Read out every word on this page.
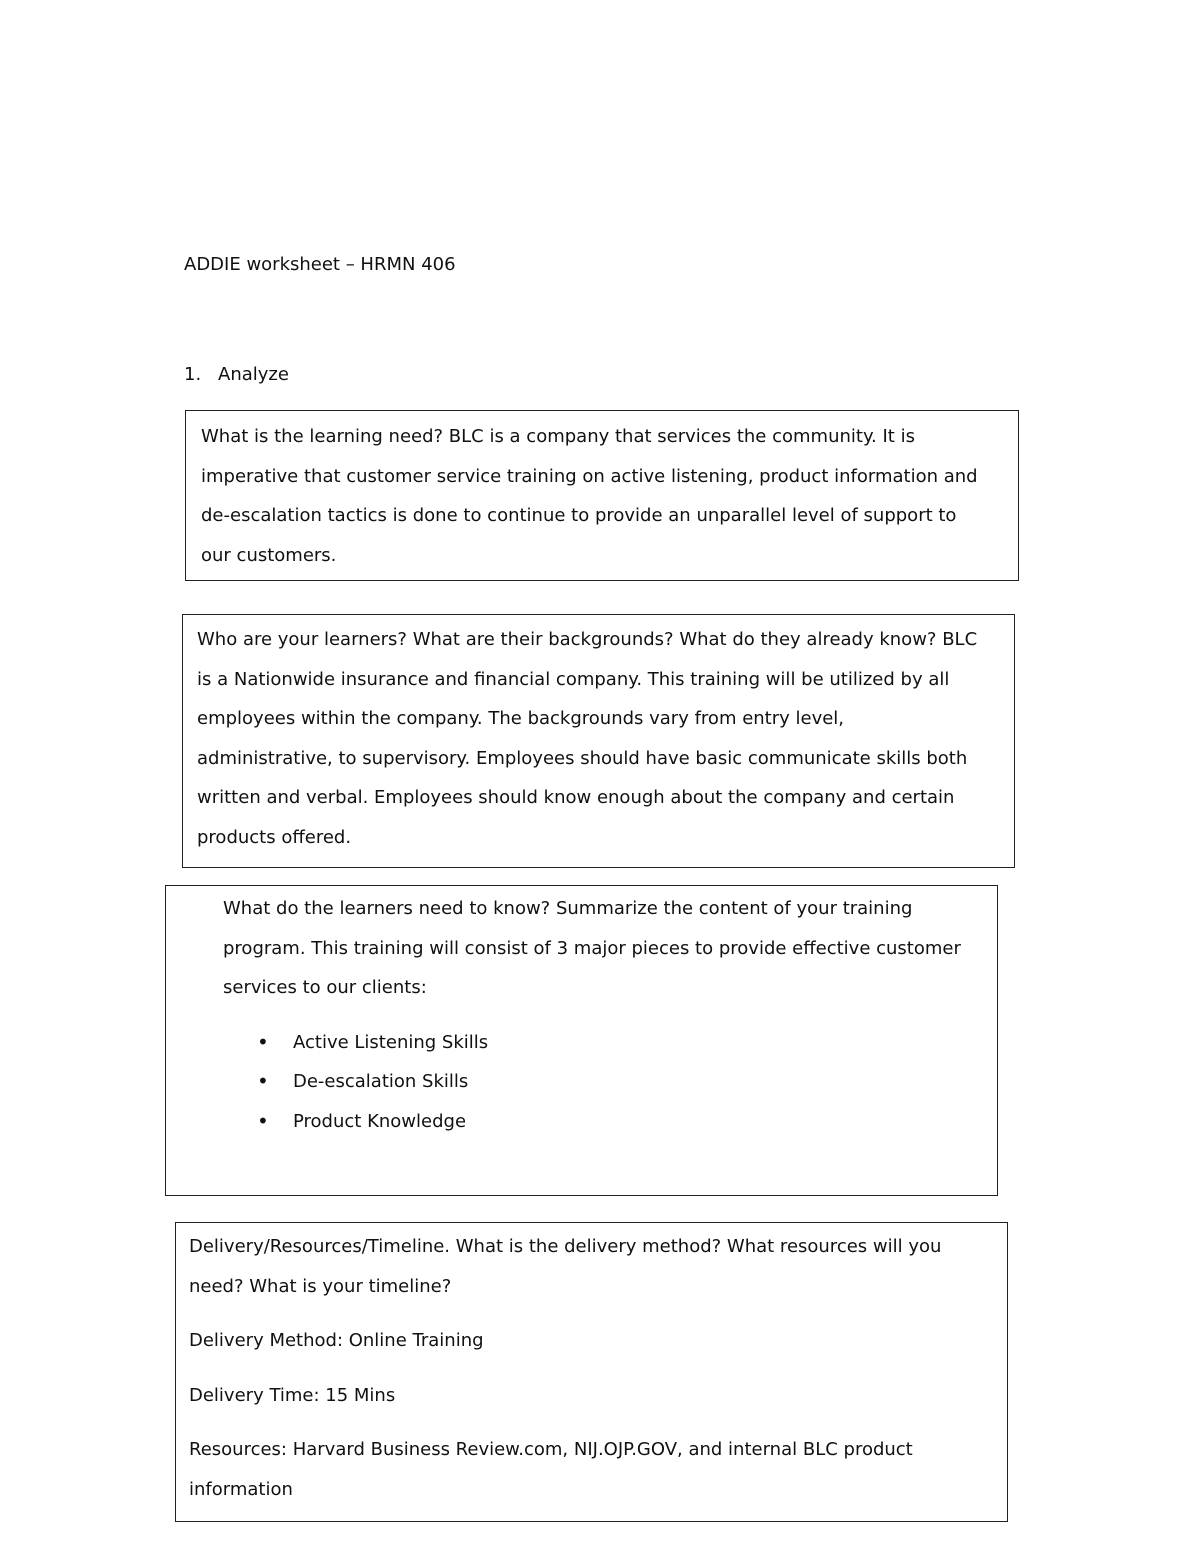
ADDIE worksheet – HRMN 406
1. Analyze

What is the learning need? BLC is a company that services the community. It is

imperative that customer service training on active listening, product information and

de-escalation tactics is done to continue to provide an unparallel level of support to

our customers.

Who are your learners? What are their backgrounds? What do they already know? BLC

is a Nationwide insurance and financial company. This training will be utilized by all

employees within the company. The backgrounds vary from entry level,

administrative, to supervisory. Employees should have basic communicate skills both

written and verbal. Employees should know enough about the company and certain

products offered.

What do the learners need to know? Summarize the content of your training

program. This training will consist of 3 major pieces to provide effective customer

services to our clients:

• Active Listening Skills
• De-escalation Skills
• Product Knowledge

Delivery/Resources/Timeline. What is the delivery method? What resources will you

need? What is your timeline?

Delivery Method: Online Training

Delivery Time: 15 Mins

Resources: Harvard Business Review.com, NIJ.OJP.GOV, and internal BLC product

information
